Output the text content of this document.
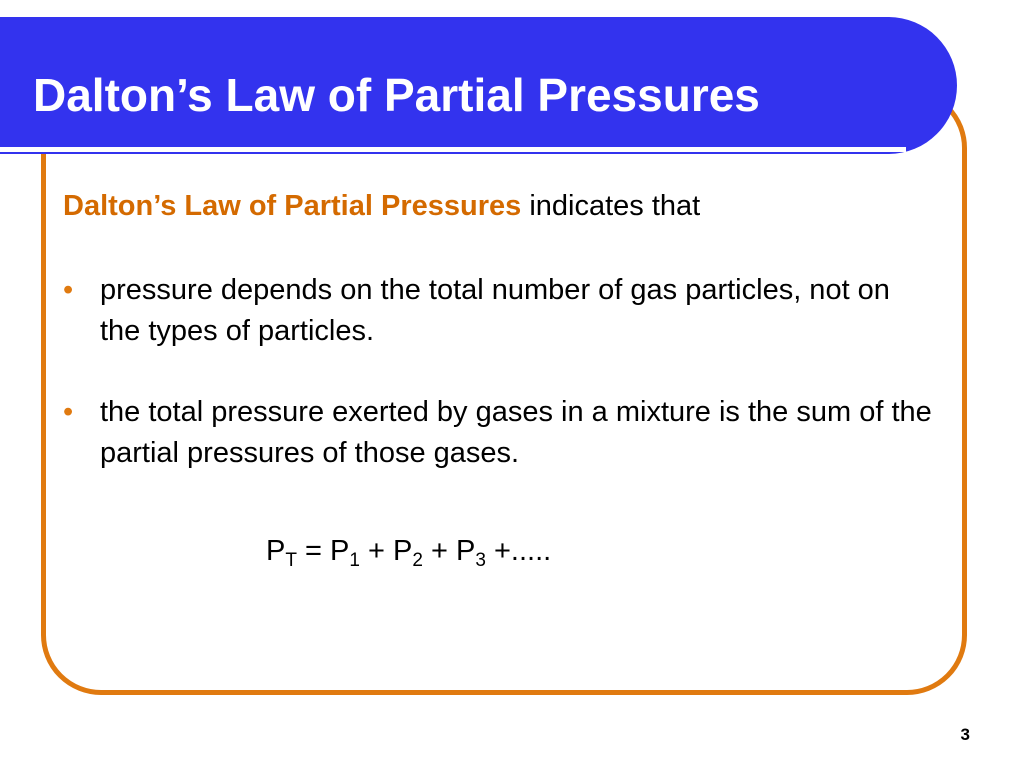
Dalton’s Law of Partial Pressures
Dalton’s Law of Partial Pressures indicates that
• pressure depends on the total number of gas particles, not on the types of particles.
• the total pressure exerted by gases in a mixture is the sum of the partial pressures of those gases.
$P_T = P_1 + P_2 + P_3$ +.....
3
